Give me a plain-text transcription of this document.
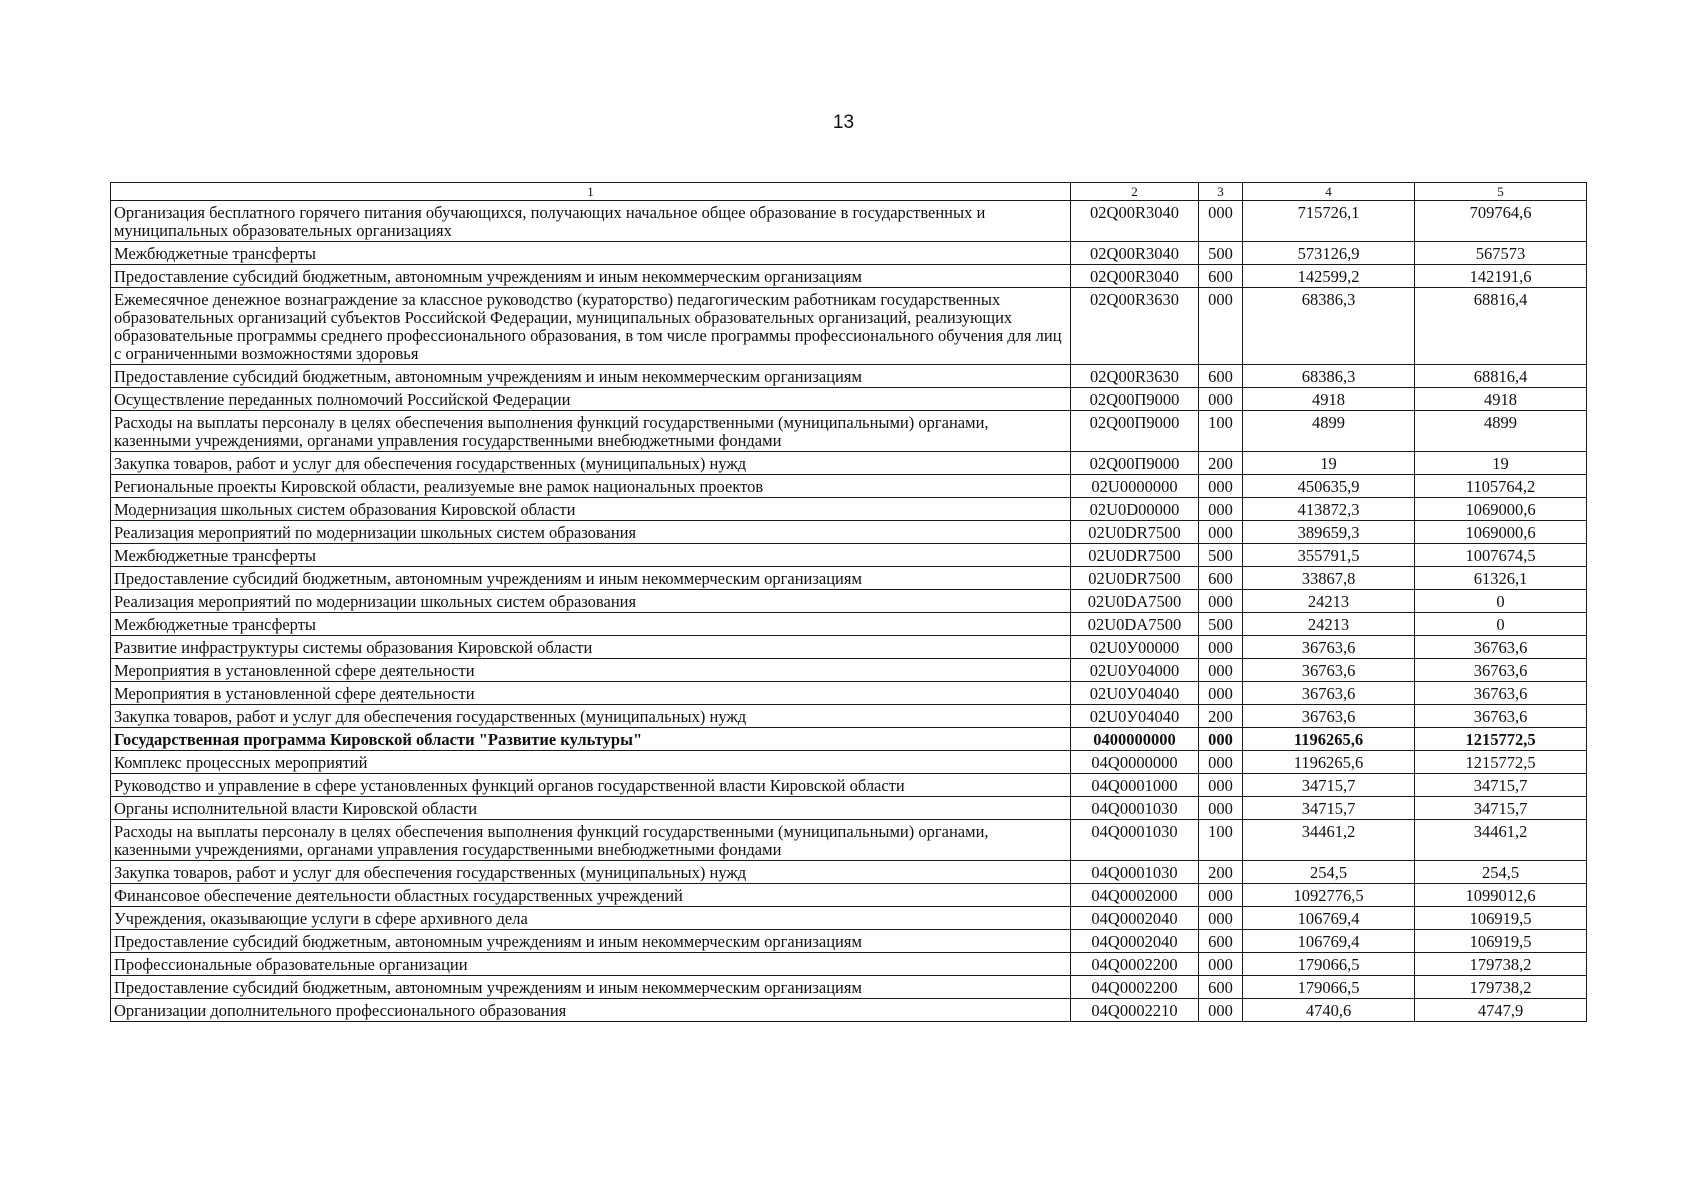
13
1	2	3	4	5
Организация бесплатного горячего питания обучающихся, получающих начальное общее образование в государственных и муниципальных образовательных организациях	02Q00R3040	000	715726,1	709764,6
Межбюджетные трансферты	02Q00R3040	500	573126,9	567573
Предоставление субсидий бюджетным, автономным учреждениям и иным некоммерческим организациям	02Q00R3040	600	142599,2	142191,6
Ежемесячное денежное вознаграждение за классное руководство (кураторство) педагогическим работникам государственных образовательных организаций субъектов Российской Федерации, муниципальных образовательных организаций, реализующих образовательные программы среднего профессионального образования, в том числе программы профессионального обучения для лиц с ограниченными возможностями здоровья	02Q00R3630	000	68386,3	68816,4
Предоставление субсидий бюджетным, автономным учреждениям и иным некоммерческим организациям	02Q00R3630	600	68386,3	68816,4
Осуществление переданных полномочий Российской Федерации	02Q00П9000	000	4918	4918
Расходы на выплаты персоналу в целях обеспечения выполнения функций государственными (муниципальными) органами, казенными учреждениями, органами управления государственными внебюджетными фондами	02Q00П9000	100	4899	4899
Закупка товаров, работ и услуг для обеспечения государственных (муниципальных) нужд	02Q00П9000	200	19	19
Региональные проекты Кировской области, реализуемые вне рамок национальных проектов	02U0000000	000	450635,9	1105764,2
Модернизация школьных систем образования Кировской области	02U0D00000	000	413872,3	1069000,6
Реализация мероприятий по модернизации школьных систем образования	02U0DR7500	000	389659,3	1069000,6
Межбюджетные трансферты	02U0DR7500	500	355791,5	1007674,5
Предоставление субсидий бюджетным, автономным учреждениям и иным некоммерческим организациям	02U0DR7500	600	33867,8	61326,1
Реализация мероприятий по модернизации школьных систем образования	02U0DA7500	000	24213	0
Межбюджетные трансферты	02U0DA7500	500	24213	0
Развитие инфраструктуры системы образования Кировской области	02U0У00000	000	36763,6	36763,6
Мероприятия в установленной сфере деятельности	02U0У04000	000	36763,6	36763,6
Мероприятия в установленной сфере деятельности	02U0У04040	000	36763,6	36763,6
Закупка товаров, работ и услуг для обеспечения государственных (муниципальных) нужд	02U0У04040	200	36763,6	36763,6
Государственная программа Кировской области "Развитие культуры"	0400000000	000	1196265,6	1215772,5
Комплекс процессных мероприятий	04Q0000000	000	1196265,6	1215772,5
Руководство и управление в сфере установленных функций органов государственной власти Кировской области	04Q0001000	000	34715,7	34715,7
Органы исполнительной власти Кировской области	04Q0001030	000	34715,7	34715,7
Расходы на выплаты персоналу в целях обеспечения выполнения функций государственными (муниципальными) органами, казенными учреждениями, органами управления государственными внебюджетными фондами	04Q0001030	100	34461,2	34461,2
Закупка товаров, работ и услуг для обеспечения государственных (муниципальных) нужд	04Q0001030	200	254,5	254,5
Финансовое обеспечение деятельности областных государственных учреждений	04Q0002000	000	1092776,5	1099012,6
Учреждения, оказывающие услуги в сфере архивного дела	04Q0002040	000	106769,4	106919,5
Предоставление субсидий бюджетным, автономным учреждениям и иным некоммерческим организациям	04Q0002040	600	106769,4	106919,5
Профессиональные образовательные организации	04Q0002200	000	179066,5	179738,2
Предоставление субсидий бюджетным, автономным учреждениям и иным некоммерческим организациям	04Q0002200	600	179066,5	179738,2
Организации дополнительного профессионального образования	04Q0002210	000	4740,6	4747,9
